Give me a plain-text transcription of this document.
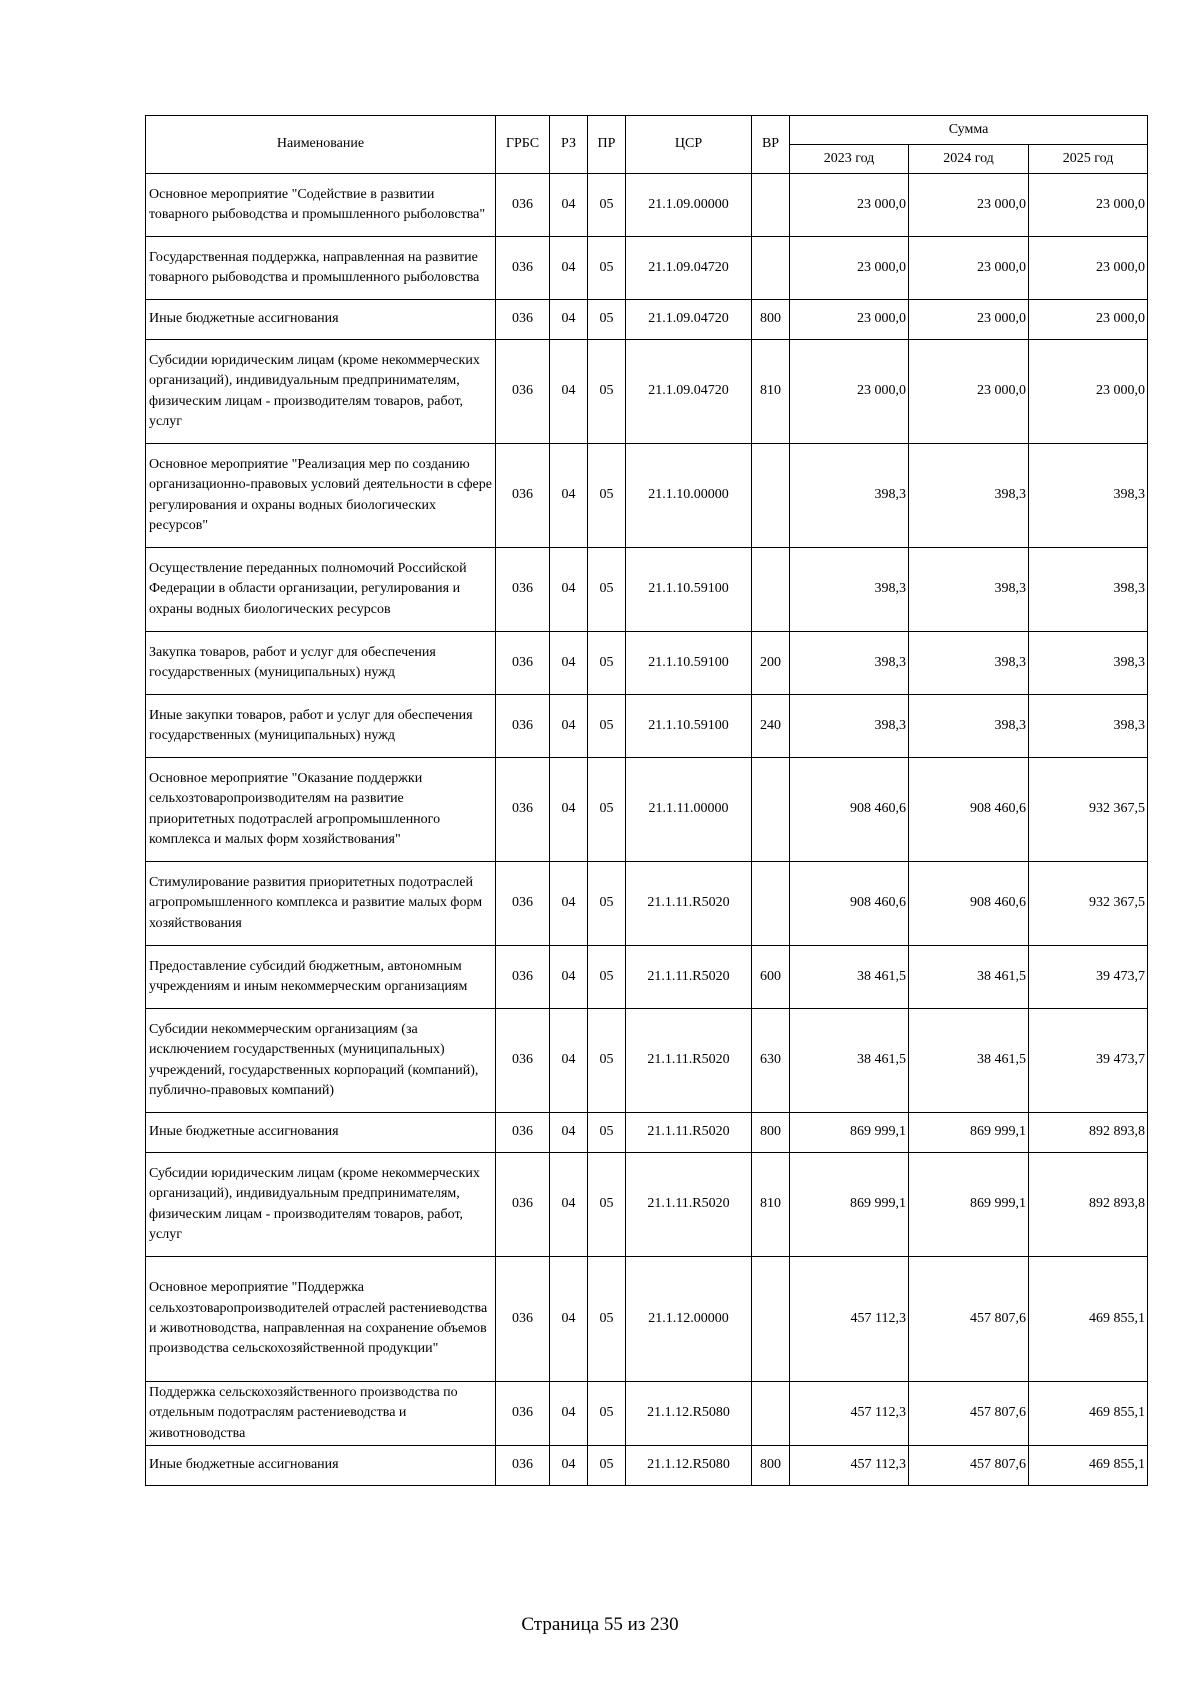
Наименование	ГРБС	РЗ	ПР	ЦСР	ВР	Сумма		
						2023 год	2024 год	2025 год
Основное мероприятие "Содействие в развитии товарного рыбоводства и промышленного рыболовства"	036	04	05	21.1.09.00000		23 000,0	23 000,0	23 000,0
Государственная поддержка, направленная на развитие товарного рыбоводства и промышленного рыболовства	036	04	05	21.1.09.04720		23 000,0	23 000,0	23 000,0
Иные бюджетные ассигнования	036	04	05	21.1.09.04720	800	23 000,0	23 000,0	23 000,0
Субсидии юридическим лицам (кроме некоммерческих организаций), индивидуальным предпринимателям, физическим лицам - производителям товаров, работ, услуг	036	04	05	21.1.09.04720	810	23 000,0	23 000,0	23 000,0
Основное мероприятие "Реализация мер по созданию организационно-правовых условий деятельности в сфере регулирования и охраны водных биологических ресурсов"	036	04	05	21.1.10.00000		398,3	398,3	398,3
Осуществление переданных полномочий Российской Федерации в области организации, регулирования и охраны водных биологических ресурсов	036	04	05	21.1.10.59100		398,3	398,3	398,3
Закупка товаров, работ и услуг для обеспечения государственных (муниципальных) нужд	036	04	05	21.1.10.59100	200	398,3	398,3	398,3
Иные закупки товаров, работ и услуг для обеспечения государственных (муниципальных) нужд	036	04	05	21.1.10.59100	240	398,3	398,3	398,3
Основное мероприятие "Оказание поддержки сельхозтоваропроизводителям на развитие приоритетных подотраслей агропромышленного комплекса и малых форм хозяйствования"	036	04	05	21.1.11.00000		908 460,6	908 460,6	932 367,5
Стимулирование развития приоритетных подотраслей агропромышленного комплекса и развитие малых форм хозяйствования	036	04	05	21.1.11.R5020		908 460,6	908 460,6	932 367,5
Предоставление субсидий бюджетным, автономным учреждениям и иным некоммерческим организациям	036	04	05	21.1.11.R5020	600	38 461,5	38 461,5	39 473,7
Субсидии некоммерческим организациям (за исключением государственных (муниципальных) учреждений, государственных корпораций (компаний), публично-правовых компаний)	036	04	05	21.1.11.R5020	630	38 461,5	38 461,5	39 473,7
Иные бюджетные ассигнования	036	04	05	21.1.11.R5020	800	869 999,1	869 999,1	892 893,8
Субсидии юридическим лицам (кроме некоммерческих организаций), индивидуальным предпринимателям, физическим лицам - производителям товаров, работ, услуг	036	04	05	21.1.11.R5020	810	869 999,1	869 999,1	892 893,8
Основное мероприятие "Поддержка сельхозтоваропроизводителей отраслей растениеводства и животноводства, направленная на сохранение объемов производства сельскохозяйственной продукции"	036	04	05	21.1.12.00000		457 112,3	457 807,6	469 855,1
Поддержка сельскохозяйственного производства по отдельным подотраслям растениеводства и животноводства	036	04	05	21.1.12.R5080		457 112,3	457 807,6	469 855,1
Иные бюджетные ассигнования	036	04	05	21.1.12.R5080	800	457 112,3	457 807,6	469 855,1
Страница 55 из 230
